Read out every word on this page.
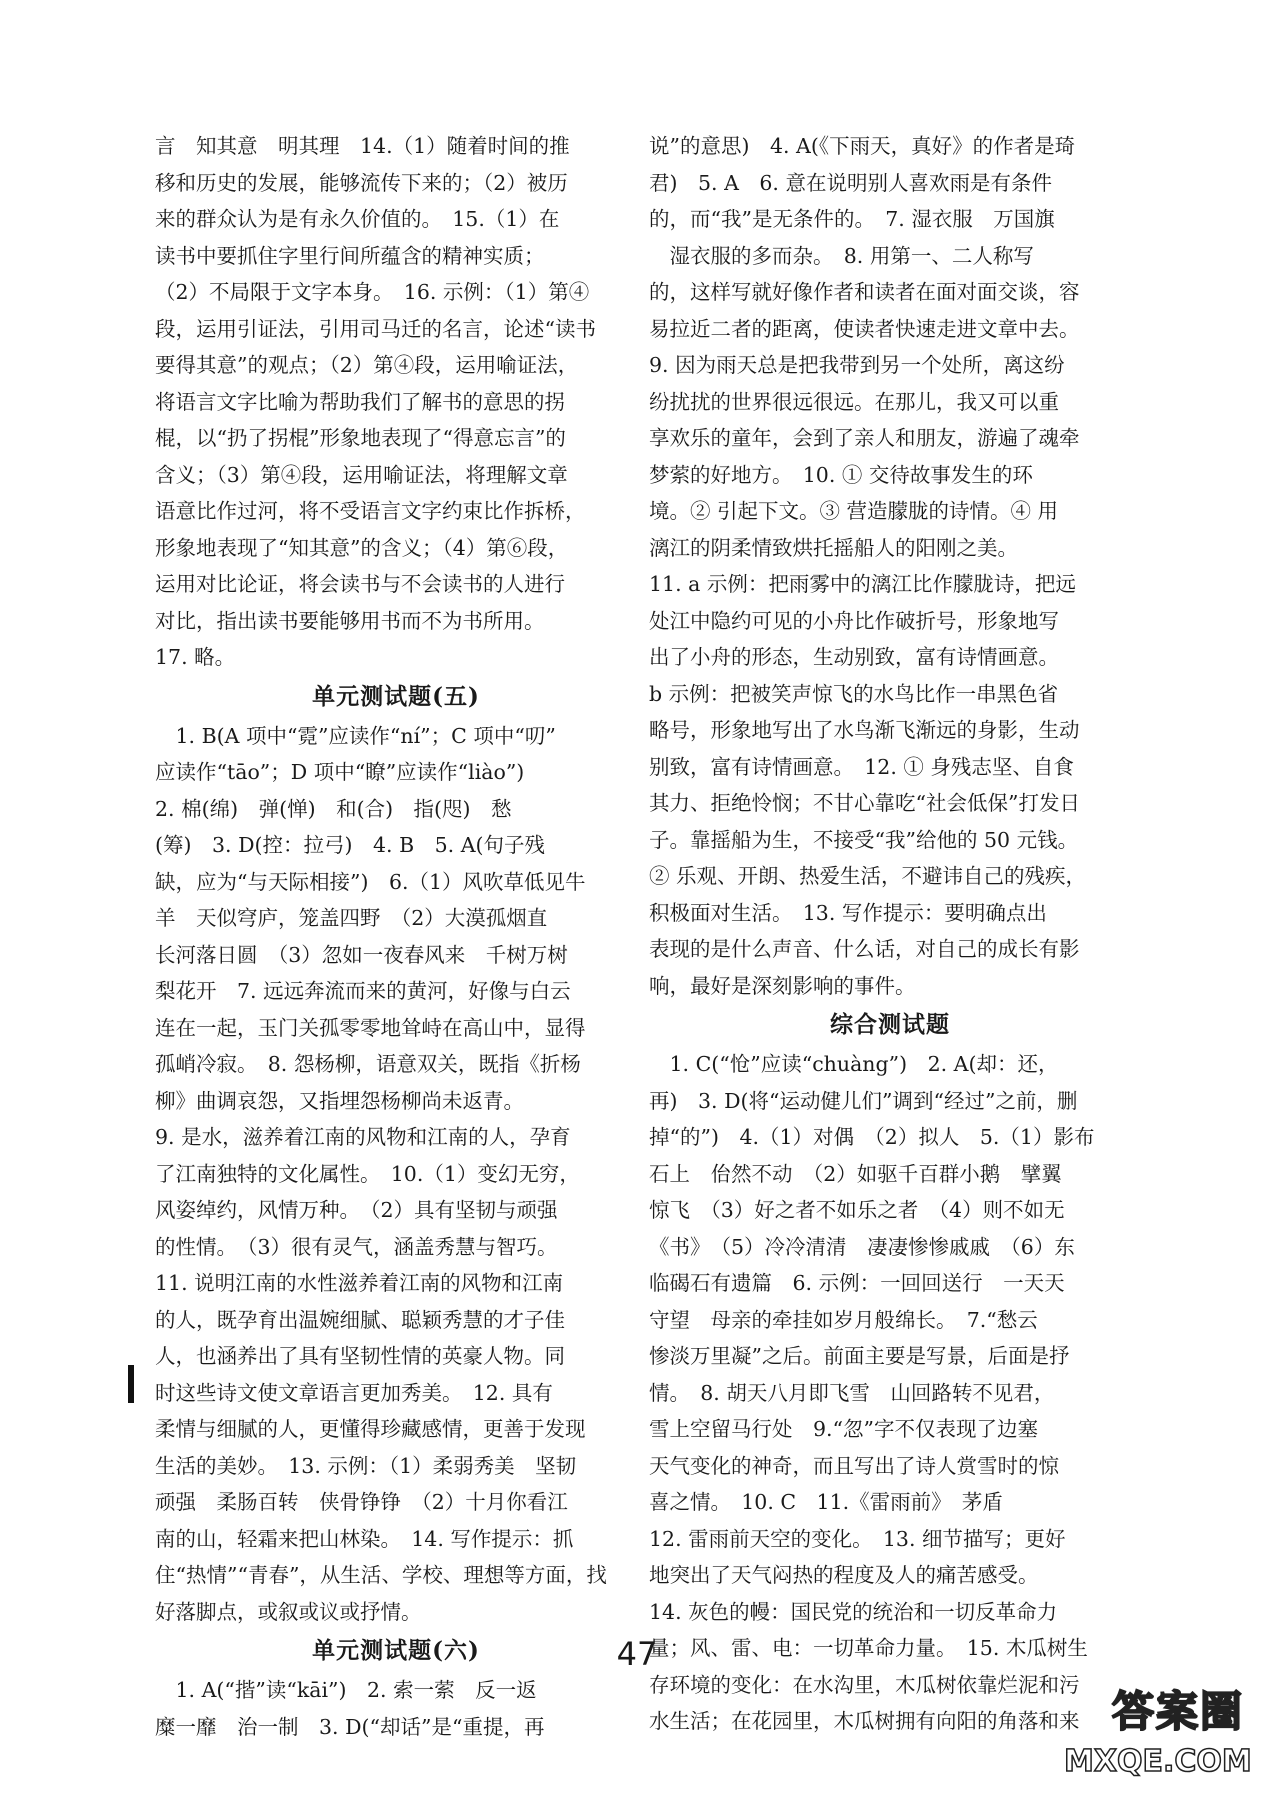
言　知其意　明其理　14.（1）随着时间的推
移和历史的发展，能够流传下来的；（2）被历
来的群众认为是有永久价值的。　15.（1）在
读书中要抓住字里行间所蕴含的精神实质；
（2）不局限于文字本身。　16. 示例：（1）第④
段，运用引证法，引用司马迁的名言，论述“读书
要得其意”的观点；（2）第④段，运用喻证法，
将语言文字比喻为帮助我们了解书的意思的拐
棍，以“扔了拐棍”形象地表现了“得意忘言”的
含义；（3）第④段，运用喻证法，将理解文章
语意比作过河，将不受语言文字约束比作拆桥，
形象地表现了“知其意”的含义；（4）第⑥段，
运用对比论证，将会读书与不会读书的人进行
对比，指出读书要能够用书而不为书所用。
17. 略。
单元测试题(五)
　1. B(A 项中“霓”应读作“ní”；C 项中“叨”
应读作“tāo”；D 项中“瞭”应读作“liào”)
2. 棉(绵)　弹(惮)　和(合)　指(咫)　愁
(筹)　3. D(控：拉弓)　4. B　5. A(句子残
缺，应为“与天际相接”)　6.（1）风吹草低见牛
羊　天似穹庐，笼盖四野　（2）大漠孤烟直
长河落日圆　（3）忽如一夜春风来　千树万树
梨花开　7. 远远奔流而来的黄河，好像与白云
连在一起，玉门关孤零零地耸峙在高山中，显得
孤峭冷寂。　8. 怨杨柳，语意双关，既指《折杨
柳》曲调哀怨，又指埋怨杨柳尚未返青。
9. 是水，滋养着江南的风物和江南的人，孕育
了江南独特的文化属性。　10.（1）变幻无穷，
风姿绰约，风情万种。　（2）具有坚韧与顽强
的性情。　（3）很有灵气，涵盖秀慧与智巧。
11. 说明江南的水性滋养着江南的风物和江南
的人，既孕育出温婉细腻、聪颖秀慧的才子佳
人，也涵养出了具有坚韧性情的英豪人物。同
时这些诗文使文章语言更加秀美。　12. 具有
柔情与细腻的人，更懂得珍藏感情，更善于发现
生活的美妙。　13. 示例：（1）柔弱秀美　坚韧
顽强　柔肠百转　侠骨铮铮　（2）十月你看江
南的山，轻霜来把山林染。　14. 写作提示：抓
住“热情”“青春”，从生活、学校、理想等方面，找
好落脚点，或叙或议或抒情。
单元测试题(六)
　1. A(“揩”读“kāi”)　2. 索一萦　反一返
糜一靡　治一制　3. D(“却话”是“重提，再
说”的意思)　4. A(《下雨天，真好》的作者是琦
君)　5. A　6. 意在说明别人喜欢雨是有条件
的，而“我”是无条件的。　7. 湿衣服　万国旗
　湿衣服的多而杂。　8. 用第一、二人称写
的，这样写就好像作者和读者在面对面交谈，容
易拉近二者的距离，使读者快速走进文章中去。
9. 因为雨天总是把我带到另一个处所，离这纷
纷扰扰的世界很远很远。在那儿，我又可以重
享欢乐的童年，会到了亲人和朋友，游遍了魂牵
梦萦的好地方。　10. ① 交待故事发生的环
境。② 引起下文。③ 营造朦胧的诗情。④ 用
漓江的阴柔情致烘托摇船人的阳刚之美。
11. a 示例：把雨雾中的漓江比作朦胧诗，把远
处江中隐约可见的小舟比作破折号，形象地写
出了小舟的形态，生动别致，富有诗情画意。
b 示例：把被笑声惊飞的水鸟比作一串黑色省
略号，形象地写出了水鸟渐飞渐远的身影，生动
别致，富有诗情画意。　12. ① 身残志坚、自食
其力、拒绝怜悯；不甘心靠吃“社会低保”打发日
子。靠摇船为生，不接受“我”给他的 50 元钱。
② 乐观、开朗、热爱生活，不避讳自己的残疾，
积极面对生活。　13. 写作提示：要明确点出
表现的是什么声音、什么话，对自己的成长有影
响，最好是深刻影响的事件。
综合测试题
　1. C(“怆”应读“chuàng”)　2. A(却：还，
再)　3. D(将“运动健儿们”调到“经过”之前，删
掉“的”)　4.（1）对偶　（2）拟人　5.（1）影布
石上　佁然不动　（2）如驱千百群小鹅　擘翼
惊飞　（3）好之者不如乐之者　（4）则不如无
《书》　（5）冷冷清清　凄凄惨惨戚戚　（6）东
临碣石有遗篇　6. 示例：一回回送行　一天天
守望　母亲的牵挂如岁月般绵长。　7.“愁云
惨淡万里凝”之后。前面主要是写景，后面是抒
情。　8. 胡天八月即飞雪　山回路转不见君，
雪上空留马行处　9.“忽”字不仅表现了边塞
天气变化的神奇，而且写出了诗人赏雪时的惊
喜之情。　10. C　11.《雷雨前》　茅盾
12. 雷雨前天空的变化。　13. 细节描写；更好
地突出了天气闷热的程度及人的痛苦感受。
14. 灰色的幔：国民党的统治和一切反革命力
量；风、雷、电：一切革命力量。　15. 木瓜树生
存环境的变化：在水沟里，木瓜树依靠烂泥和污
水生活；在花园里，木瓜树拥有向阳的角落和来
47
答案圈
MXQE.COM
